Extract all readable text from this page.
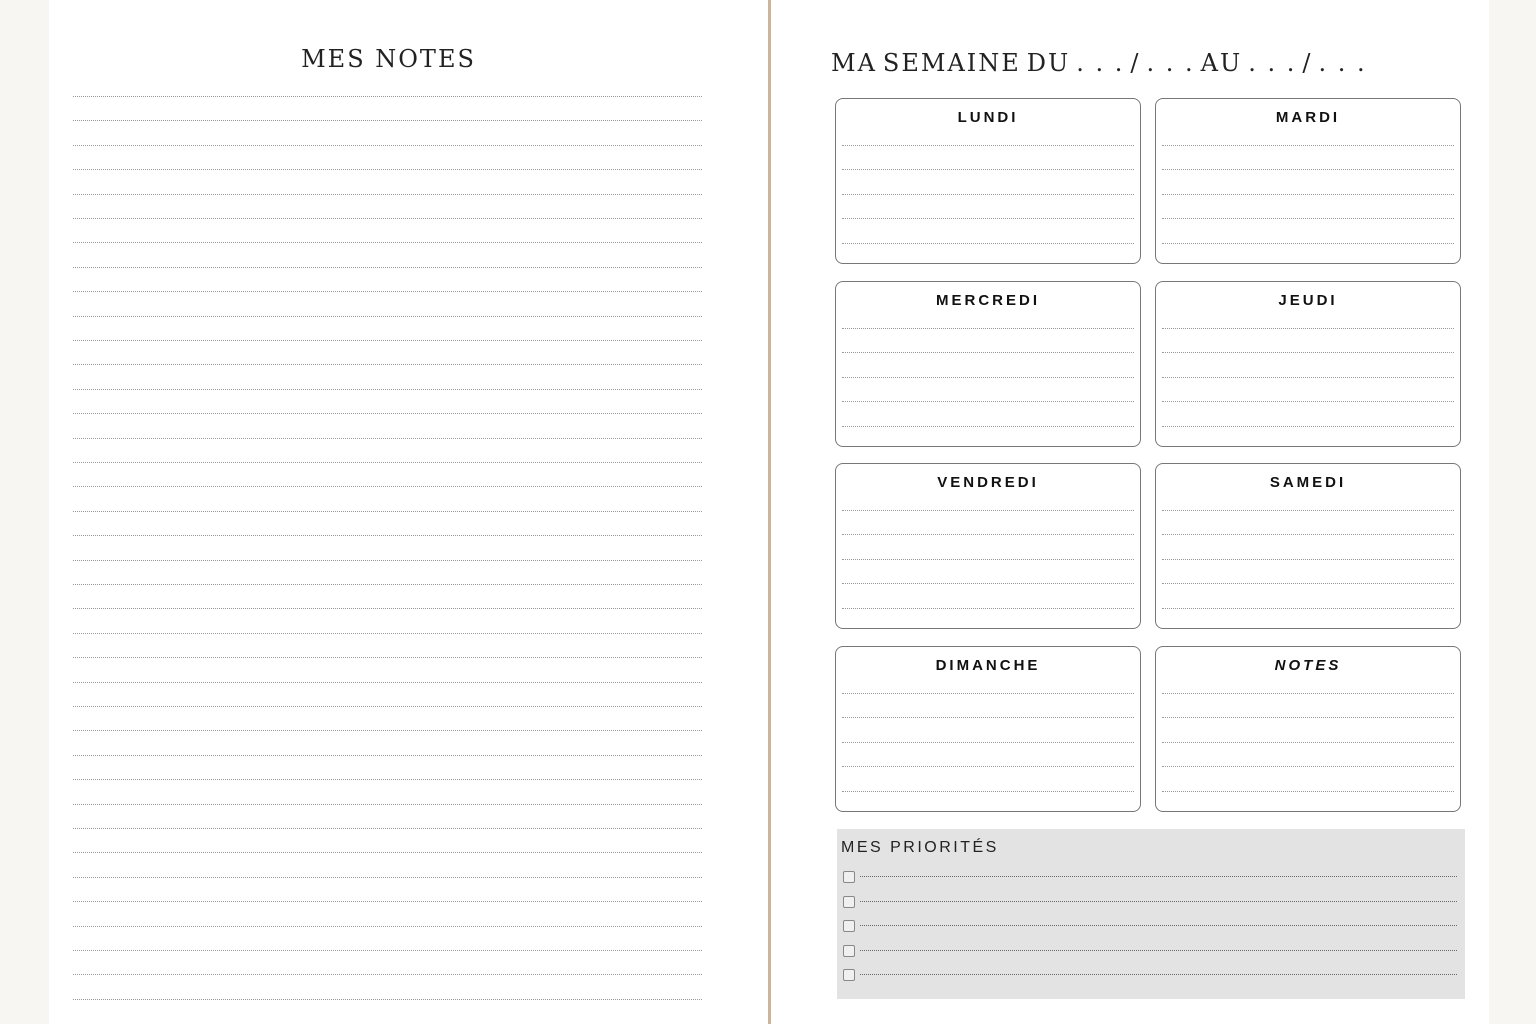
MES NOTES	MA SEMAINE DU . . . / . . . AU . . . / . . .
LUNDI	MARDI
MERCREDI	JEUDI
VENDREDI	SAMEDI
DIMANCHE	NOTES
MES PRIORITÉS
